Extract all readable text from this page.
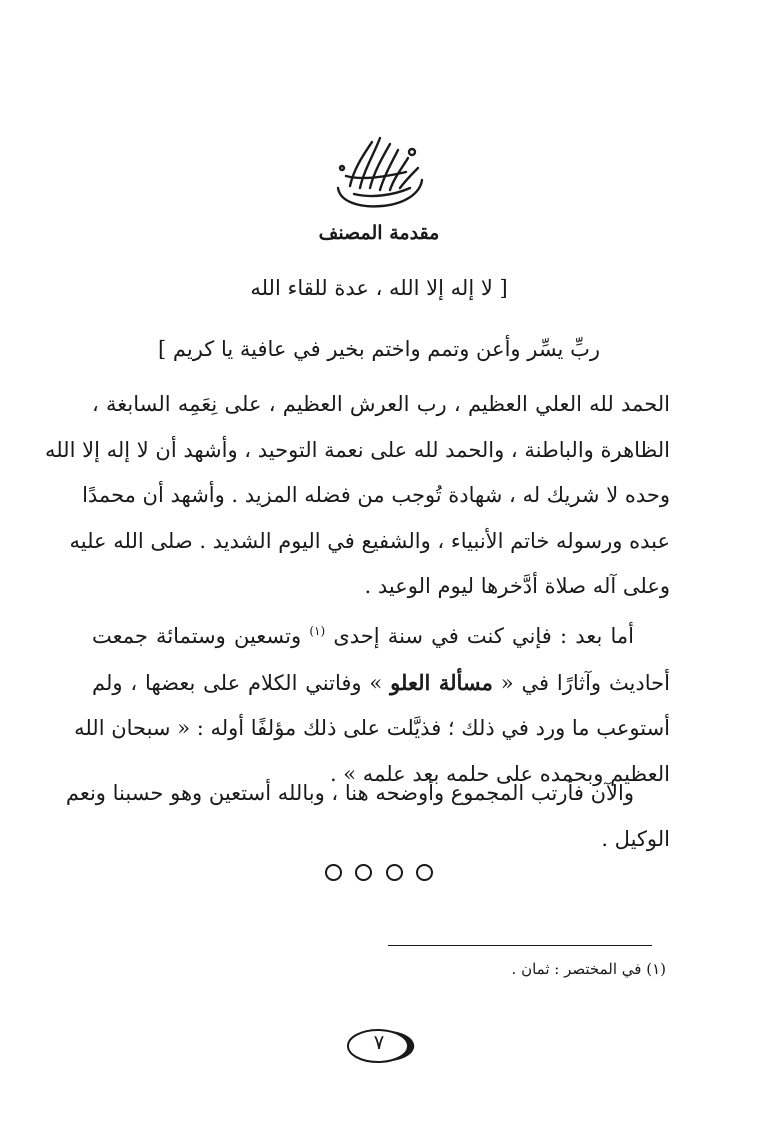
مقدمة المصنف
[ لا إله إلا الله ، عدة للقاء الله
ربِّ يسِّر وأعن وتمم واختم بخير في عافية يا كريم ]
الحمد لله العلي العظيم ، رب العرش العظيم ، على نِعَمِه السابغة ،
الظاهرة والباطنة ، والحمد لله على نعمة التوحيد ، وأشهد أن لا إله إلا الله
وحده لا شريك له ، شهادة تُوجب من فضله المزيد . وأشهد أن محمدًا
عبده ورسوله خاتم الأنبياء ، والشفيع في اليوم الشديد . صلى الله عليه
وعلى آله صلاة أدَّخرها ليوم الوعيد .
أما بعد : فإني كنت في سنة إحدى $^{(١)}$ وتسعين وستمائة جمعت
أحاديث وآثارًا في « مسألة العلو » وفاتني الكلام على بعضها ، ولم
أستوعب ما ورد في ذلك ؛ فذيَّلت على ذلك مؤلفًا أوله : « سبحان الله
العظيم وبحمده على حلمه بعد علمه » .
والآن فأرتب المجموع وأوضحه هنا ، وبالله أستعين وهو حسبنا ونعم
الوكيل .

(١) في المختصر : ثمان .
٧
